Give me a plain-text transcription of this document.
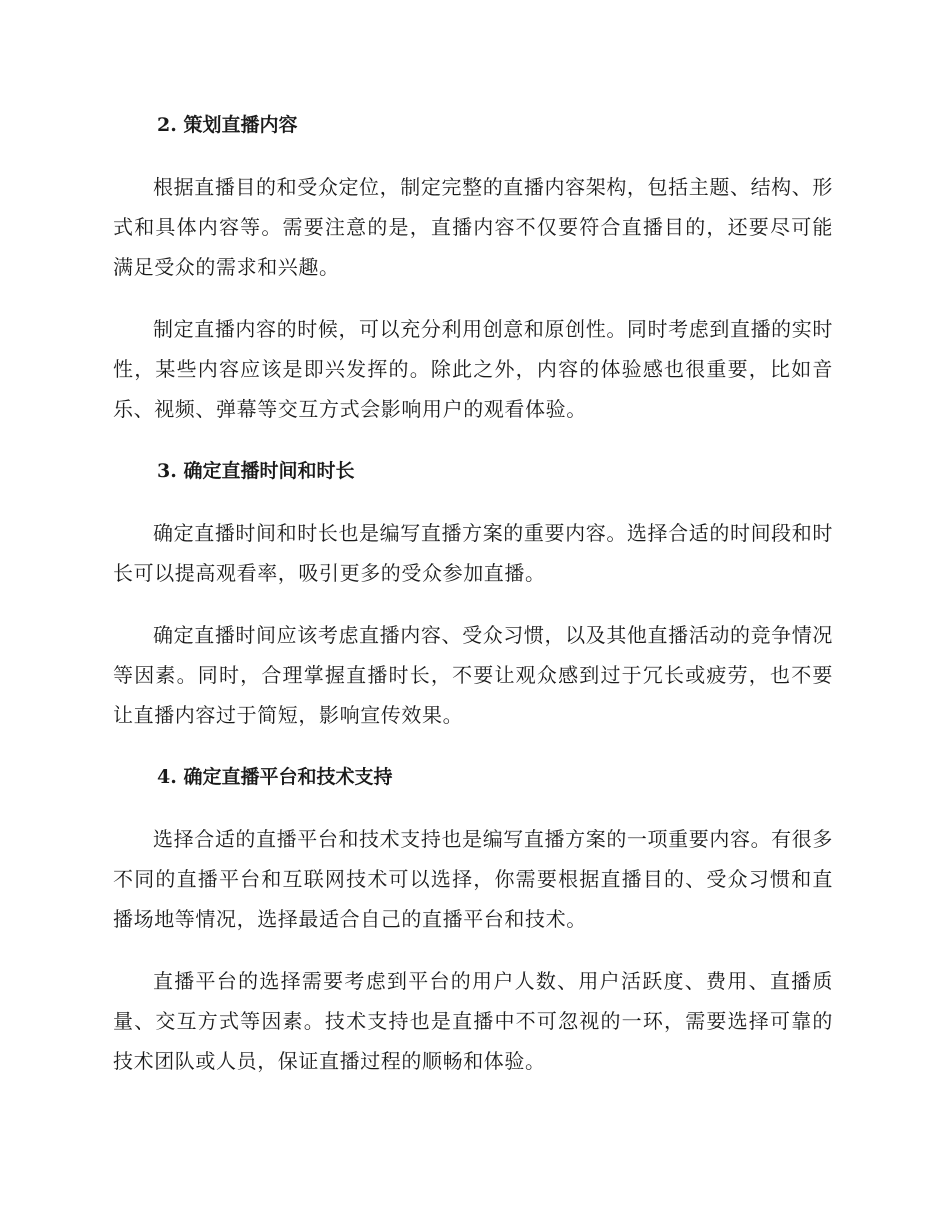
2. 策划直播内容

根据直播目的和受众定位，制定完整的直播内容架构，包括主题、结构、形式和具体内容等。需要注意的是，直播内容不仅要符合直播目的，还要尽可能满足受众的需求和兴趣。

制定直播内容的时候，可以充分利用创意和原创性。同时考虑到直播的实时性，某些内容应该是即兴发挥的。除此之外，内容的体验感也很重要，比如音乐、视频、弹幕等交互方式会影响用户的观看体验。

3. 确定直播时间和时长

确定直播时间和时长也是编写直播方案的重要内容。选择合适的时间段和时长可以提高观看率，吸引更多的受众参加直播。

确定直播时间应该考虑直播内容、受众习惯，以及其他直播活动的竞争情况等因素。同时，合理掌握直播时长，不要让观众感到过于冗长或疲劳，也不要让直播内容过于简短，影响宣传效果。

4. 确定直播平台和技术支持

选择合适的直播平台和技术支持也是编写直播方案的一项重要内容。有很多不同的直播平台和互联网技术可以选择，你需要根据直播目的、受众习惯和直播场地等情况，选择最适合自己的直播平台和技术。

直播平台的选择需要考虑到平台的用户人数、用户活跃度、费用、直播质量、交互方式等因素。技术支持也是直播中不可忽视的一环，需要选择可靠的技术团队或人员，保证直播过程的顺畅和体验。
